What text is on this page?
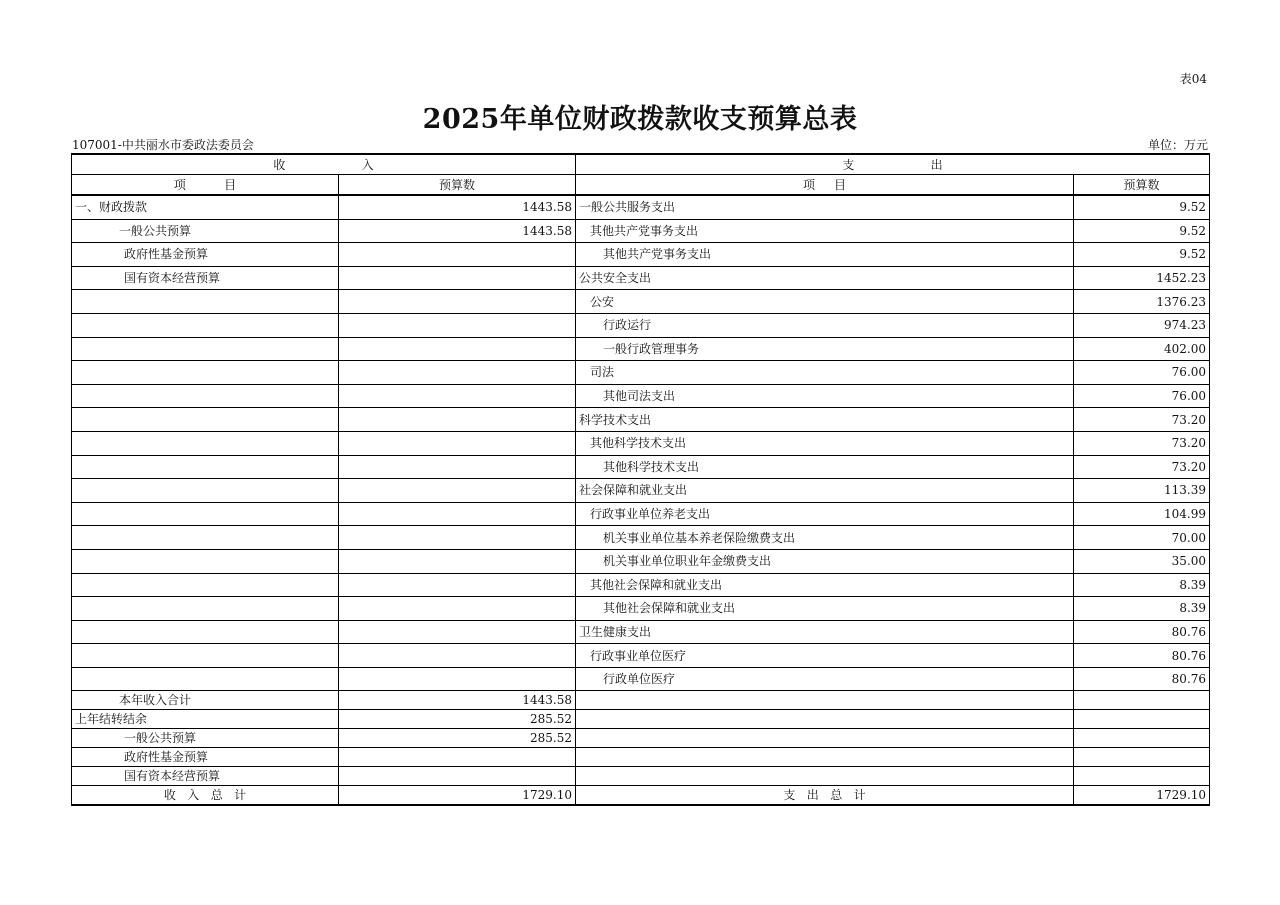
表04
2025年单位财政拨款收支预算总表
107001-中共丽水市委政法委员会	单位：万元
收                    入		支                    出	
项          目	预算数	项     目	预算数
一、财政拨款	1443.58	一般公共服务支出	9.52
一般公共预算	1443.58	其他共产党事务支出	9.52
政府性基金预算		其他共产党事务支出	9.52
国有资本经营预算		公共安全支出	1452.23
		公安	1376.23
		行政运行	974.23
		一般行政管理事务	402.00
		司法	76.00
		其他司法支出	76.00
		科学技术支出	73.20
		其他科学技术支出	73.20
		其他科学技术支出	73.20
		社会保障和就业支出	113.39
		行政事业单位养老支出	104.99
		机关事业单位基本养老保险缴费支出	70.00
		机关事业单位职业年金缴费支出	35.00
		其他社会保障和就业支出	8.39
		其他社会保障和就业支出	8.39
		卫生健康支出	80.76
		行政事业单位医疗	80.76
		行政单位医疗	80.76
本年收入合计	1443.58		
上年结转结余	285.52		
一般公共预算	285.52		
政府性基金预算			
国有资本经营预算			
收   入   总   计	1729.10	支   出   总   计	1729.10
